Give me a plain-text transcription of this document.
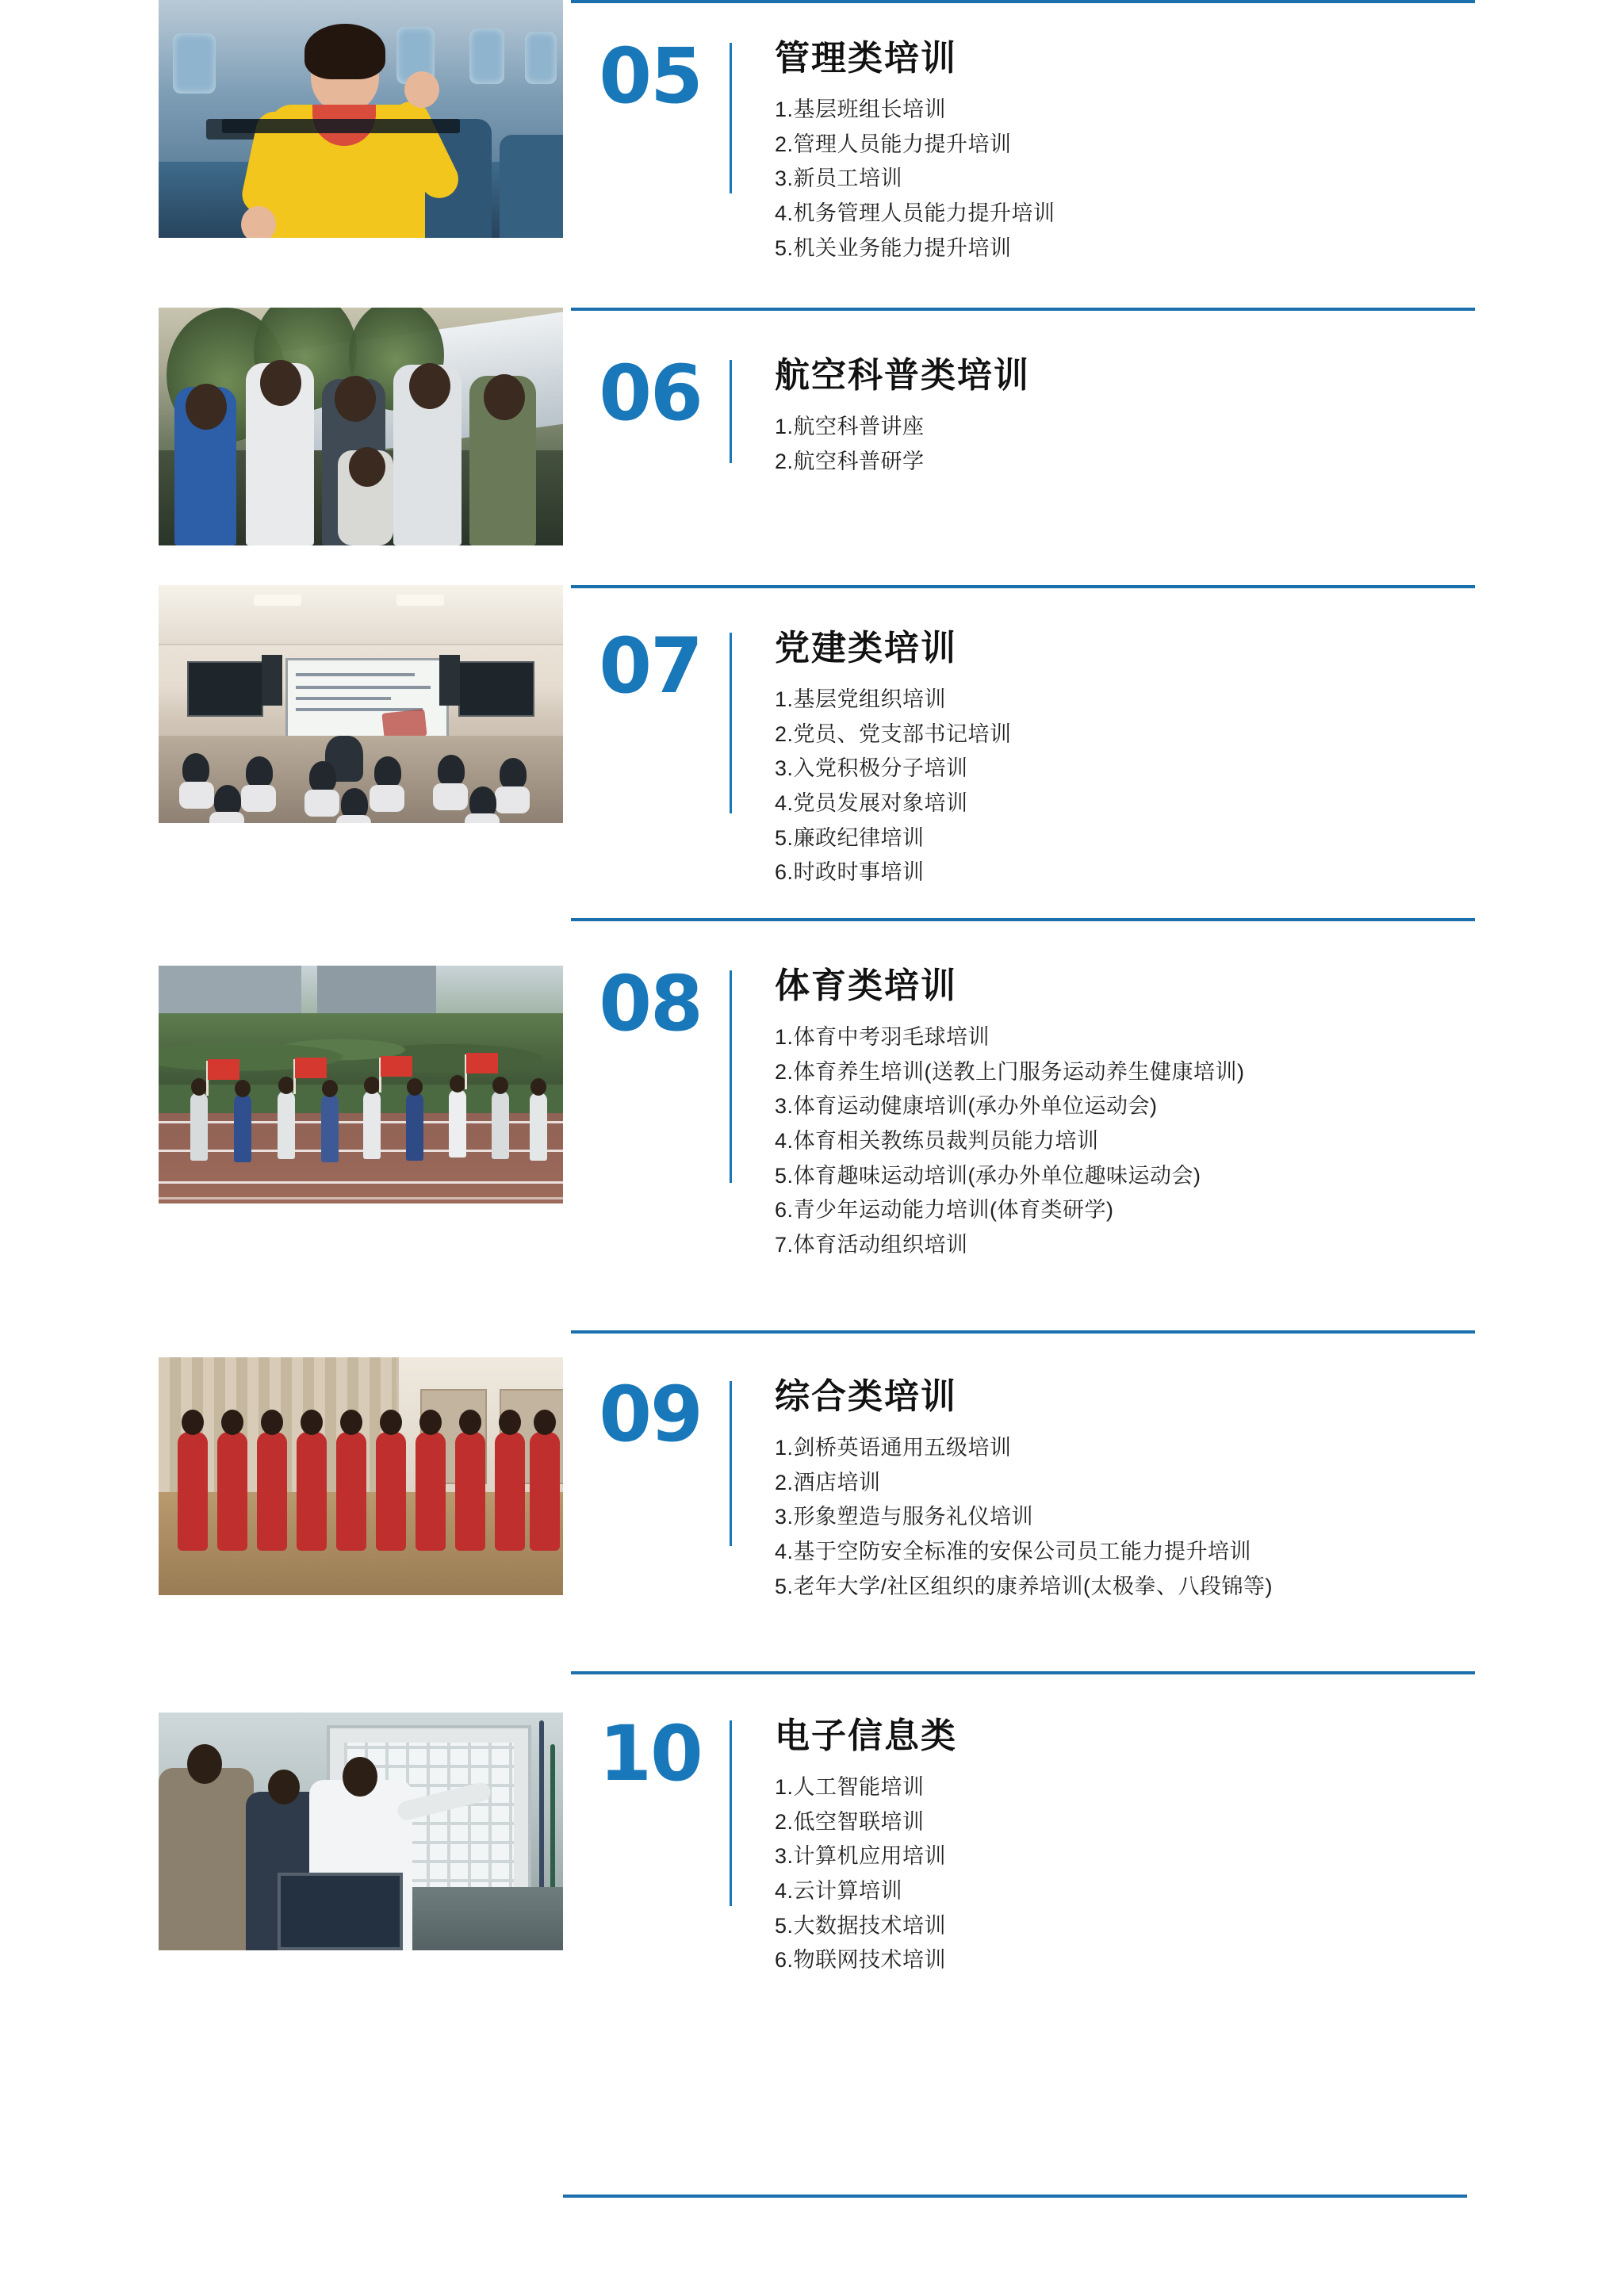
05	管理类培训
1.基层班组长培训
2.管理人员能力提升培训
3.新员工培训
4.机务管理人员能力提升培训
5.机关业务能力提升培训
06	航空科普类培训
1.航空科普讲座
2.航空科普研学
07	党建类培训
1.基层党组织培训
2.党员、党支部书记培训
3.入党积极分子培训
4.党员发展对象培训
5.廉政纪律培训
6.时政时事培训
08	体育类培训
1.体育中考羽毛球培训
2.体育养生培训(送教上门服务运动养生健康培训)
3.体育运动健康培训(承办外单位运动会)
4.体育相关教练员裁判员能力培训
5.体育趣味运动培训(承办外单位趣味运动会)
6.青少年运动能力培训(体育类研学)
7.体育活动组织培训
09	综合类培训
1.剑桥英语通用五级培训
2.酒店培训
3.形象塑造与服务礼仪培训
4.基于空防安全标准的安保公司员工能力提升培训
5.老年大学/社区组织的康养培训(太极拳、八段锦等)
10	电子信息类
1.人工智能培训
2.低空智联培训
3.计算机应用培训
4.云计算培训
5.大数据技术培训
6.物联网技术培训
